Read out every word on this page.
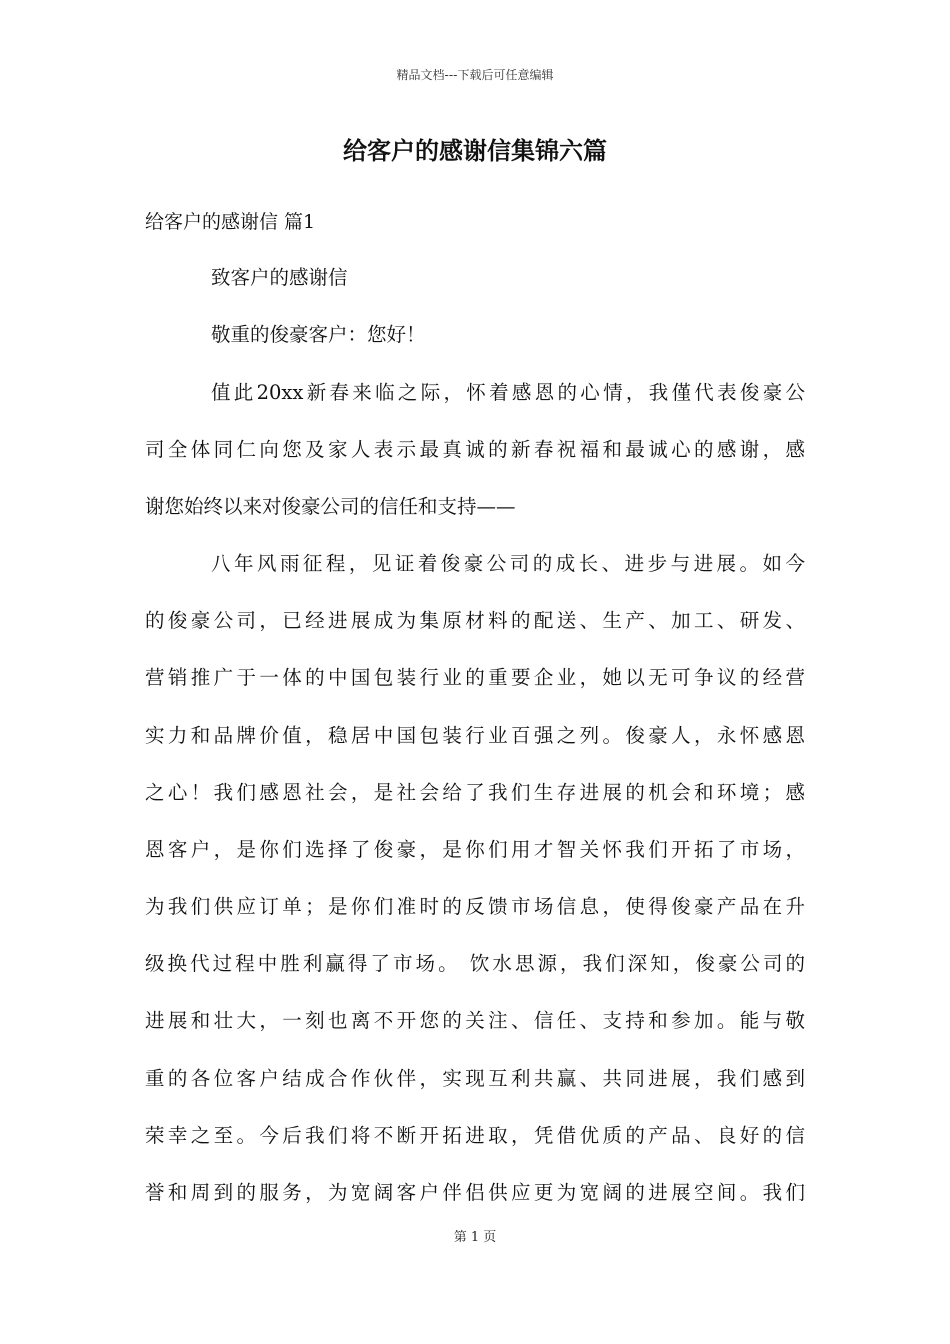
精品文档---下载后可任意编辑
给客户的感谢信集锦六篇

给客户的感谢信 篇1

致客户的感谢信

敬重的俊豪客户：您好！

值此20xx新春来临之际，怀着感恩的心情，我僅代表俊豪公

司全体同仁向您及家人表示最真诚的新春祝福和最诚心的感谢，感

谢您始终以来对俊豪公司的信任和支持——

八年风雨征程，见证着俊豪公司的成长、进步与进展。如今

的俊豪公司，已经进展成为集原材料的配送、生产、加工、研发、

营销推广于一体的中国包装行业的重要企业，她以无可争议的经营

实力和品牌价值，稳居中国包装行业百强之列。俊豪人，永怀感恩

之心！我们感恩社会，是社会给了我们生存进展的机会和环境；感

恩客户，是你们选择了俊豪，是你们用才智关怀我们开拓了市场，

为我们供应订单；是你们准时的反馈市场信息，使得俊豪产品在升

级换代过程中胜利赢得了市场。 饮水思源，我们深知，俊豪公司的

进展和壮大，一刻也离不开您的关注、信任、支持和参加。能与敬

重的各位客户结成合作伙伴，实现互利共赢、共同进展，我们感到

荣幸之至。今后我们将不断开拓进取，凭借优质的产品、良好的信

誉和周到的服务，为宽阔客户伴侣供应更为宽阔的进展空间。我们

第 1 页
